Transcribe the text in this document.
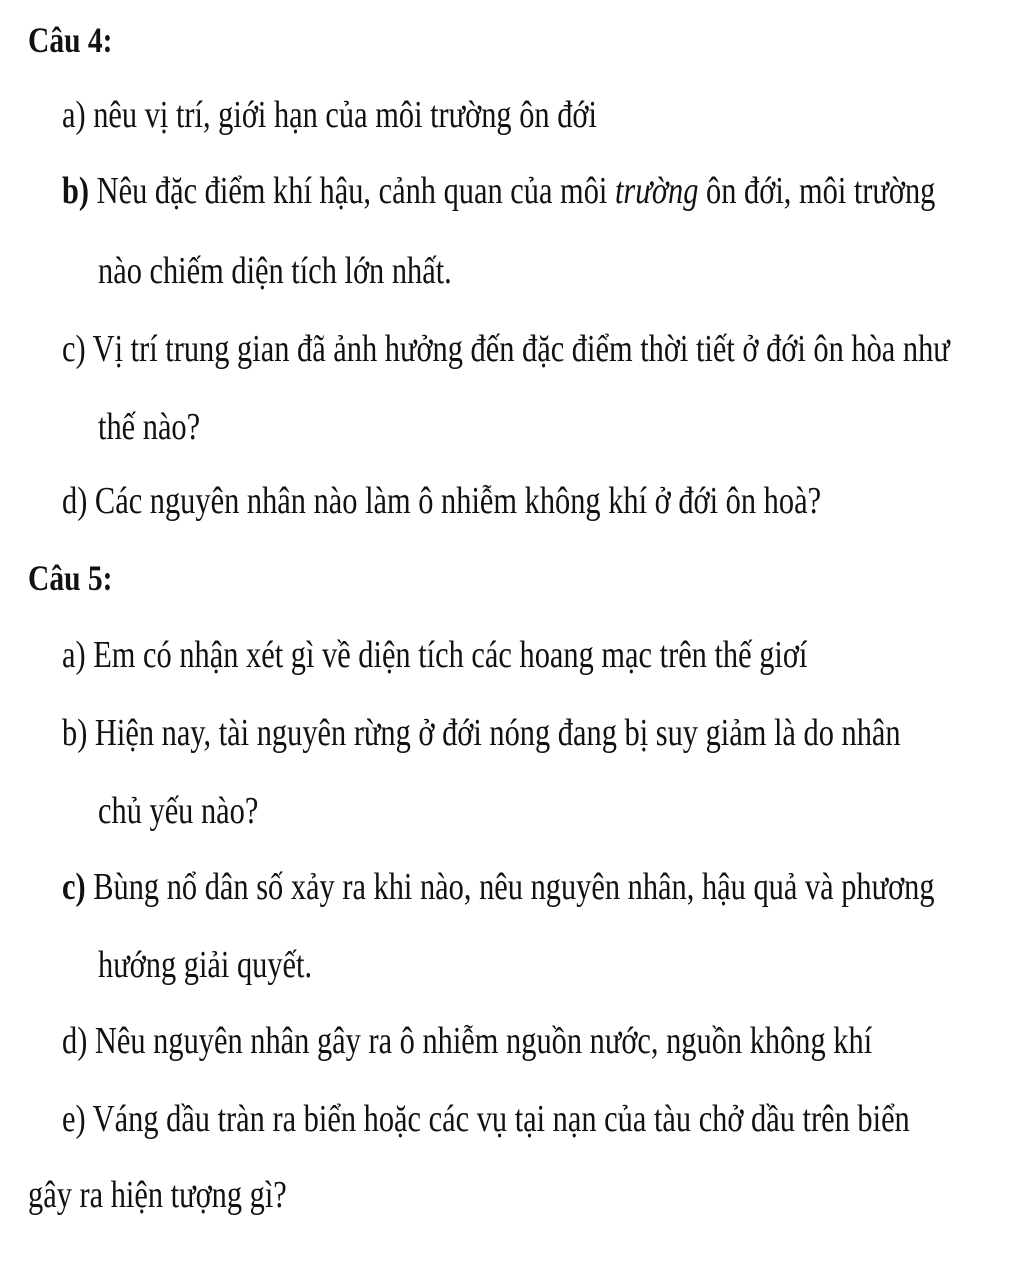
Câu 4:
a) nêu vị trí, giới hạn của môi trường ôn đới
b) Nêu đặc điểm khí hậu, cảnh quan của môi trường ôn đới, môi trường
nào chiếm diện tích lớn nhất.
c) Vị trí trung gian đã ảnh hưởng đến đặc điểm thời tiết ở đới ôn hòa như
thế nào?
d) Các nguyên nhân nào làm ô nhiễm không khí ở đới ôn hoà?
Câu 5:
a) Em có nhận xét gì về diện tích các hoang mạc trên thế giơí
b) Hiện nay, tài nguyên rừng ở đới nóng đang bị suy giảm là do nhân
chủ yếu nào?
c) Bùng nổ dân số xảy ra khi nào, nêu nguyên nhân, hậu quả và phương
hướng giải quyết.
d) Nêu nguyên nhân gây ra ô nhiễm nguồn nước, nguồn không khí
e) Váng dầu tràn ra biển hoặc các vụ tại nạn của tàu chở dầu trên biển
gây ra hiện tượng gì?
